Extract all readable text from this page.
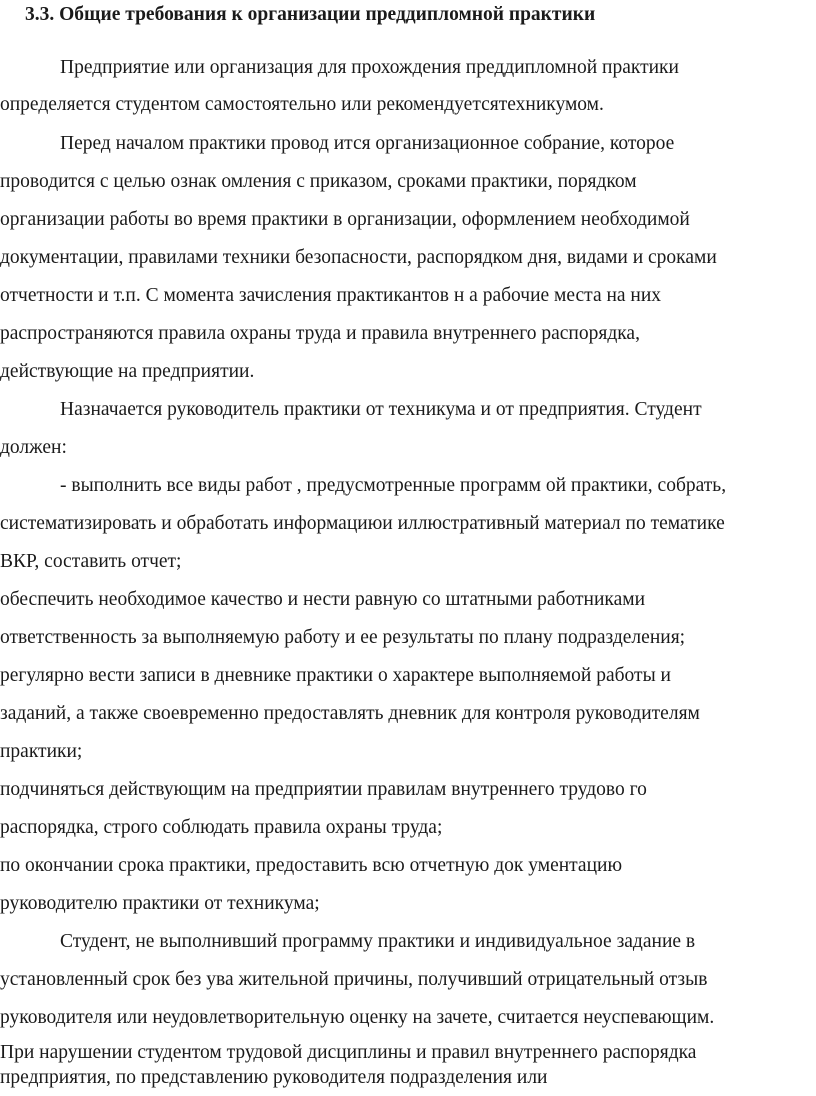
3.3. Общие требования к организации преддипломной практики
Предприятие или организация для прохождения преддипломной практики
определяется студентом самостоятельно или рекомендуетсятехникумом.
Перед началом практики провод ится организационное собрание, которое
проводится с целью ознак омления с приказом, сроками практики, порядком
организации работы во время практики в организации, оформлением необходимой
документации, правилами техники безопасности, распорядком дня, видами и сроками
отчетности и т.п. С момента зачисления практикантов н а рабочие места на них
распространяются правила охраны труда и правила внутреннего распорядка,
действующие на предприятии.
Назначается руководитель практики от техникума и от предприятия. Студент
должен:
- выполнить все виды работ , предусмотренные программ ой практики, собрать,
систематизировать и обработать информациюи иллюстративный материал по тематике
ВКР, составить отчет;
обеспечить необходимое качество и нести равную со штатными работниками
ответственность за выполняемую работу и ее результаты по плану подразделения;
регулярно вести записи в дневнике практики о характере выполняемой работы и
заданий, а также своевременно предоставлять дневник для контроля руководителям
практики;
подчиняться действующим на предприятии правилам внутреннего трудово го
распорядка, строго соблюдать правила охраны труда;
по окончании срока практики, предоставить всю отчетную док ументацию
руководителю практики от техникума;
Студент, не выполнивший программу практики и индивидуальное задание в
установленный срок без ува жительной причины, получивший отрицательный отзыв
руководителя или неудовлетворительную оценку на зачете, считается неуспевающим.
При нарушении студентом трудовой дисциплины и правил внутреннего распорядка
предприятия, по представлению руководителя подразделения или
